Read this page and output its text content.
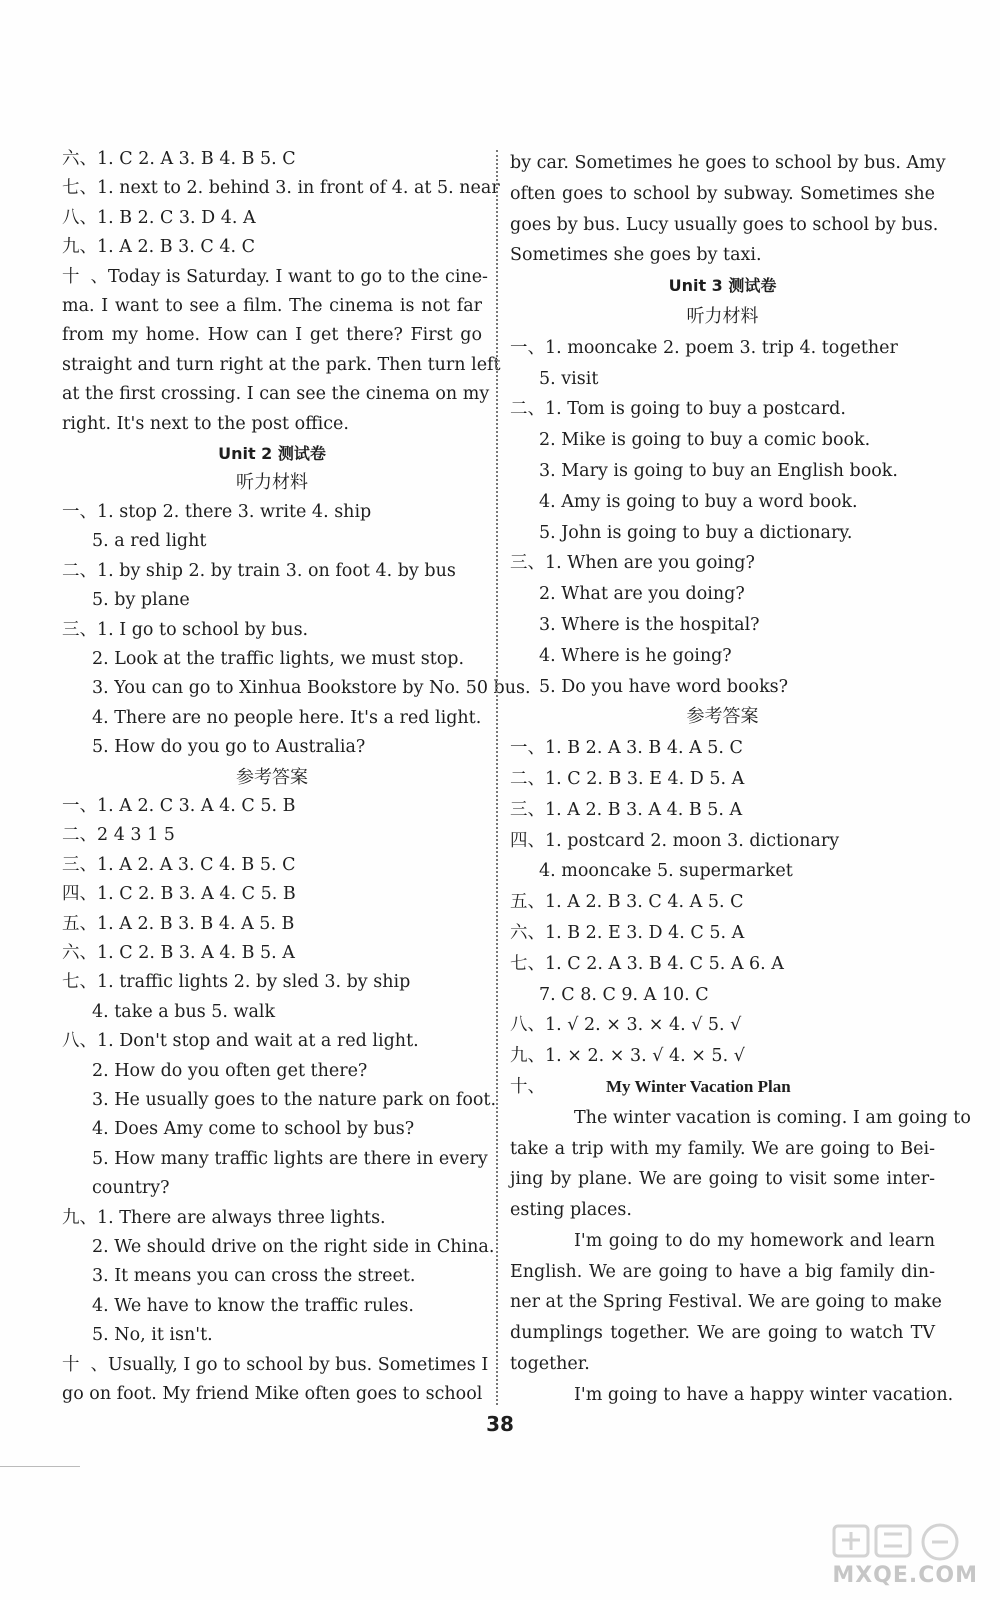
六、1. C 2. A 3. B 4. B 5. C
七、1. next to 2. behind 3. in front of 4. at 5. near
八、1. B 2. C 3. D 4. A
九、1. A 2. B 3. C 4. C
十、Today is Saturday. I want to go to the cine-
ma. I want to see a film. The cinema is not far
from my home. How can I get there? First go
straight and turn right at the park. Then turn left
at the first crossing. I can see the cinema on my
right. It's next to the post office.
Unit 2 测试卷
听力材料
一、1. stop 2. there 3. write 4. ship
5. a red light
二、1. by ship 2. by train 3. on foot 4. by bus
5. by plane
三、1. I go to school by bus.
2. Look at the traffic lights, we must stop.
3. You can go to Xinhua Bookstore by No. 50 bus.
4. There are no people here. It's a red light.
5. How do you go to Australia?
参考答案
一、1. A 2. C 3. A 4. C 5. B
二、2 4 3 1 5
三、1. A 2. A 3. C 4. B 5. C
四、1. C 2. B 3. A 4. C 5. B
五、1. A 2. B 3. B 4. A 5. B
六、1. C 2. B 3. A 4. B 5. A
七、1. traffic lights 2. by sled 3. by ship
4. take a bus 5. walk
八、1. Don't stop and wait at a red light.
2. How do you often get there?
3. He usually goes to the nature park on foot.
4. Does Amy come to school by bus?
5. How many traffic lights are there in every
country?
九、1. There are always three lights.
2. We should drive on the right side in China.
3. It means you can cross the street.
4. We have to know the traffic rules.
5. No, it isn't.
十、Usually, I go to school by bus. Sometimes I
go on foot. My friend Mike often goes to school
by car. Sometimes he goes to school by bus. Amy
often goes to school by subway. Sometimes she
goes by bus. Lucy usually goes to school by bus.
Sometimes she goes by taxi.
Unit 3 测试卷
听力材料
一、1. mooncake 2. poem 3. trip 4. together
5. visit
二、1. Tom is going to buy a postcard.
2. Mike is going to buy a comic book.
3. Mary is going to buy an English book.
4. Amy is going to buy a word book.
5. John is going to buy a dictionary.
三、1. When are you going?
2. What are you doing?
3. Where is the hospital?
4. Where is he going?
5. Do you have word books?
参考答案
一、1. B 2. A 3. B 4. A 5. C
二、1. C 2. B 3. E 4. D 5. A
三、1. A 2. B 3. A 4. B 5. A
四、1. postcard 2. moon 3. dictionary
4. mooncake 5. supermarket
五、1. A 2. B 3. C 4. A 5. C
六、1. B 2. E 3. D 4. C 5. A
七、1. C 2. A 3. B 4. C 5. A 6. A
7. C 8. C 9. A 10. C
八、1. √ 2. × 3. × 4. √ 5. √
九、1. × 2. × 3. √ 4. × 5. √
十、	My Winter Vacation Plan
The winter vacation is coming. I am going to
take a trip with my family. We are going to Bei-
jing by plane. We are going to visit some inter-
esting places.
I'm going to do my homework and learn
English. We are going to have a big family din-
ner at the Spring Festival. We are going to make
dumplings together. We are going to watch TV
together.
I'm going to have a happy winter vacation.
38
MXQE.COM
